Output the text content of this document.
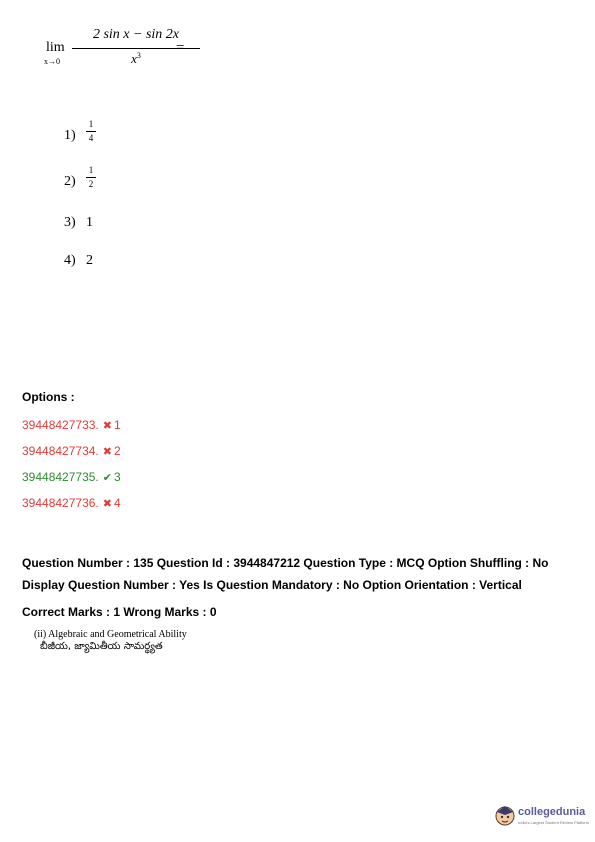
lim
x→0
2 sin x − sin 2x
$x^3$	=
1)
1
4
2)
1
2
3) 1
4) 2
Options :
39448427733. ✖ 1
39448427734. ✖ 2
39448427735. ✔ 3
39448427736. ✖ 4
Question Number : 135 Question Id : 3944847212 Question Type : MCQ Option Shuffling : No
Display Question Number : Yes Is Question Mandatory : No Option Orientation : Vertical
Correct Marks : 1 Wrong Marks : 0
(ii) Algebraic and Geometrical Ability
బీజీయ, జ్యామితీయ సామర్థ్యత
collegedunia
India's Largest Student Review Platform
